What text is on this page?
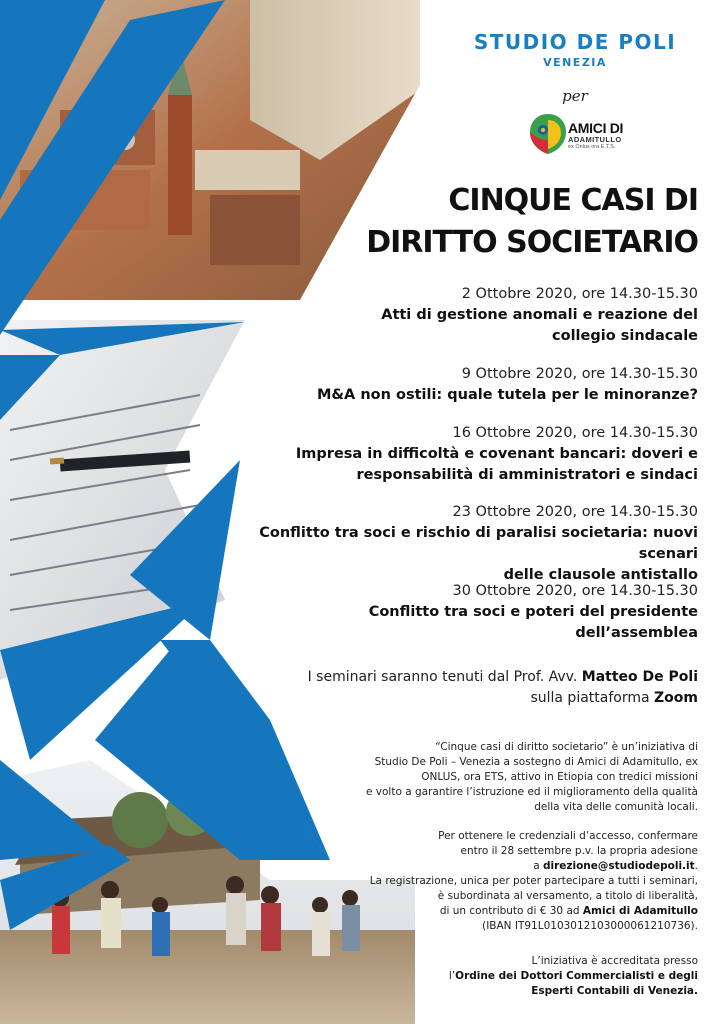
STUDIO DE POLI
VENEZIA
per
AMICI DI
ADAMITULLO
ex Onlus ora E.T.S.
CINQUE CASI DI
DIRITTO SOCIETARIO
2 Ottobre 2020, ore 14.30-15.30
Atti di gestione anomali e reazione del
collegio sindacale
9 Ottobre 2020, ore 14.30-15.30
M&A non ostili: quale tutela per le minoranze?
16 Ottobre 2020, ore 14.30-15.30
Impresa in difficoltà e covenant bancari: doveri e
responsabilità di amministratori e sindaci
23 Ottobre 2020, ore 14.30-15.30
Conflitto tra soci e rischio di paralisi societaria: nuovi scenari
delle clausole antistallo
30 Ottobre 2020, ore 14.30-15.30
Conflitto tra soci e poteri del presidente
dell’assemblea
I seminari saranno tenuti dal Prof. Avv. Matteo De Poli
sulla piattaforma Zoom
“Cinque casi di diritto societario” è un’iniziativa di
Studio De Poli – Venezia a sostegno di Amici di Adamitullo, ex
ONLUS, ora ETS, attivo in Etiopia con tredici missioni
e volto a garantire l’istruzione ed il miglioramento della qualità
della vita delle comunità locali.
Per ottenere le credenziali d’accesso, confermare
entro il 28 settembre p.v. la propria adesione
a direzione@studiodepoli.it.
La registrazione, unica per poter partecipare a tutti i seminari,
è subordinata al versamento, a titolo di liberalità,
di un contributo di € 30 ad Amici di Adamitullo
(IBAN IT91L0103012103000061210736).
L’iniziativa è accreditata presso
l’Ordine dei Dottori Commercialisti e degli
Esperti Contabili di Venezia.
